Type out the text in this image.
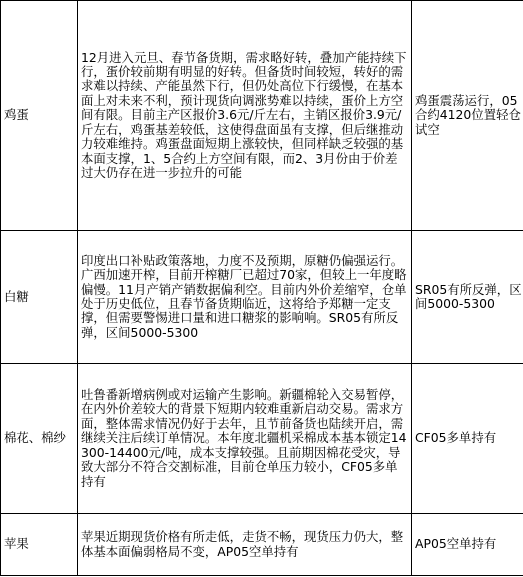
鸡蛋	12月进入元旦、春节备货期，需求略好转，叠加产能持续下行，蛋价较前期有明显的好转。但备货时间较短，转好的需求难以持续、产能虽然下行，但仍处高位下行缓慢，在基本面上对未来不利，预计现货向调涨势难以持续，蛋价上方空间有限。目前主产区报价3.6元/斤左右，主销区报价3.9元/斤左右，鸡蛋基差较低，这使得盘面虽有支撑，但后继推动力较难维持。鸡蛋盘面短期上涨较快，但同样缺乏较强的基本面支撑，1、5合约上方空间有限，而2、3月份由于价差过大仍存在进一步拉升的可能	鸡蛋震荡运行，05合约4120位置轻仓试空
白糖	印度出口补贴政策落地，力度不及预期，原糖仍偏强运行。广西加速开榨，目前开榨糖厂已超过70家，但较上一年度略偏慢。11月产销产销数据偏利空。目前内外价差缩窄，仓单处于历史低位，且春节备货期临近，这将给予郑糖一定支撑，但需要警惕进口量和进口糖浆的影响响。SR05有所反弹，区间5000-5300	SR05有所反弹，区间5000-5300
棉花、棉纱	吐鲁番新增病例或对运输产生影响。新疆棉轮入交易暂停，在内外价差较大的背景下短期内较难重新启动交易。需求方面，整体需求情况仍好于去年，且节前备货也陆续开启，需继续关注后续订单情况。本年度北疆机采棉成本基本锁定14300-14400元/吨，成本支撑较强。且前期因棉花受灾，导致大部分不符合交割标准，目前仓单压力较小，CF05多单持有	CF05多单持有
苹果	苹果近期现货价格有所走低，走货不畅，现货压力仍大，整体基本面偏弱格局不变，AP05空单持有	AP05空单持有
